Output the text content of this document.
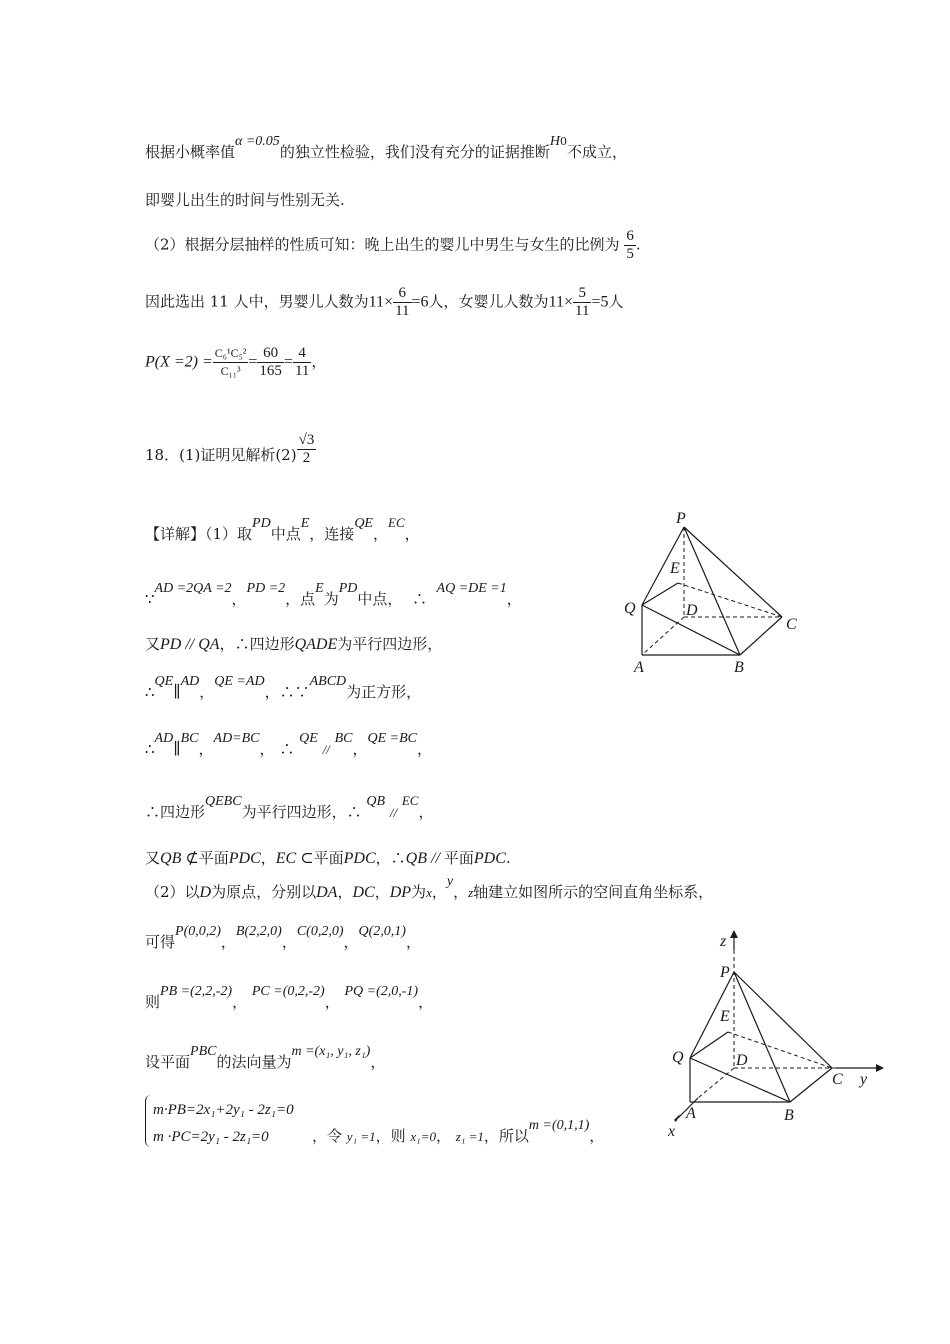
根据小概率值α =0.05的独立性检验，我们没有充分的证据推断$H^0$不成立，
即婴儿出生的时间与性别无关.
（2）根据分层抽样的性质可知：晚上出生的婴儿中男生与女生的比例为 $\frac{6}{5}$ .
因此选出 11 人中，男婴儿人数为$11\times \frac{6}{11} =6$人，女婴儿人数为$11\times \frac{5}{11} =5$人
$P(X =2) = \frac{\text{C₆¹C₅²}}{\text{C₁₁³}} = \frac{60}{165} = \frac{4}{11}$ ，
18．(1)证明见解析$(2) \frac{√3}{2}$
【详解】（1）取PD中点E，连接QE，EC，
∵AD =2QA =2，PD =2，点E为PD中点， ∴  AQ =DE =1，
又PD // QA，∴四边形QADE为平行四边形，
∴QE∥AD，QE =AD，∴∵ABCD为正方形，
∴AD∥BC，AD=BC， ∴ QE // BC，QE =BC，
∴四边形QEBC为平行四边形，∴ QB // EC，
又QB ⊄平面PDC，EC ⊂平面PDC，∴QB // 平面PDC.
（2）以D为原点，分别以DA，DC，DP为x，y，z轴建立如图所示的空间直角坐标系，
可得P(0,0,2)，B(2,2,0)，C(0,2,0)，Q(2,0,1)，
则PB =(2,2,-2)， PC =(0,2,-2)， PQ =(2,0,-1)，
设平面PBC的法向量为m =(x₁, y₁, z₁)，
m·PB=2x₁+2y₁ - 2z₁=0
m ·PC=2y₁ - 2z₁=0	，令 y₁ =1，则 x₁=0， z₁ =1，所以m =(0,1,1)，
P
E
D
Q
C
A	B
z
P
E
D
Q
C y
A	B
x
